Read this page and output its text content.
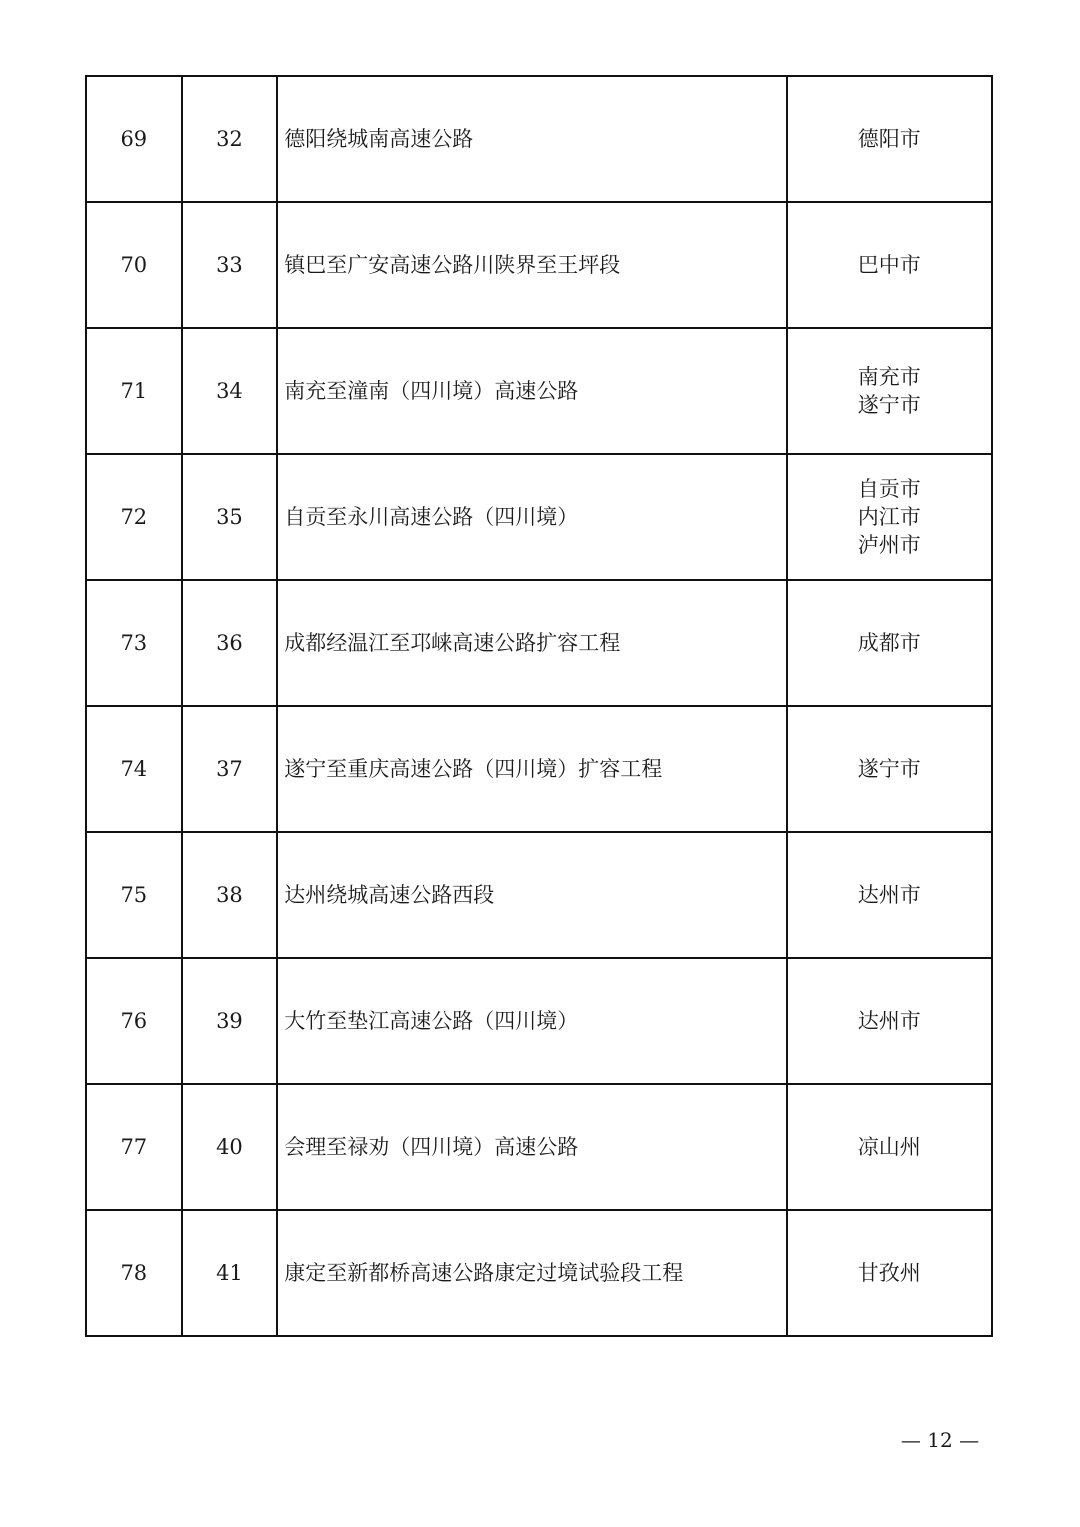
69	32	德阳绕城南高速公路	德阳市

70	33	镇巴至广安高速公路川陕界至王坪段	巴中市

71	34	南充至潼南（四川境）高速公路	南充市
遂宁市

72	35	自贡至永川高速公路（四川境）	自贡市
内江市
泸州市

73	36	成都经温江至邛崃高速公路扩容工程	成都市

74	37	遂宁至重庆高速公路（四川境）扩容工程	遂宁市

75	38	达州绕城高速公路西段	达州市

76	39	大竹至垫江高速公路（四川境）	达州市

77	40	会理至禄劝（四川境）高速公路	凉山州

78	41	康定至新都桥高速公路康定过境试验段工程	甘孜州
— 12 —
